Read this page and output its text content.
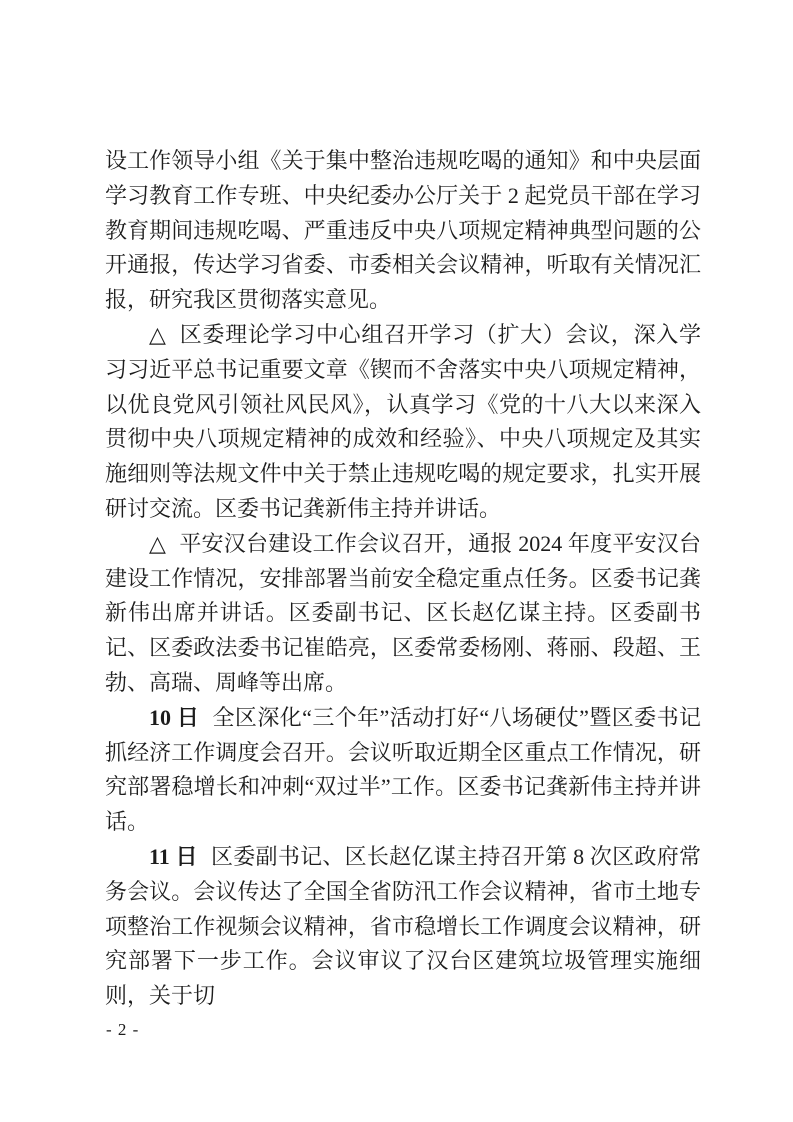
设工作领导小组《关于集中整治违规吃喝的通知》和中央层面学习教育工作专班、中央纪委办公厅关于 2 起党员干部在学习教育期间违规吃喝、严重违反中央八项规定精神典型问题的公开通报，传达学习省委、市委相关会议精神，听取有关情况汇报，研究我区贯彻落实意见。

△ 区委理论学习中心组召开学习（扩大）会议，深入学习习近平总书记重要文章《锲而不舍落实中央八项规定精神，以优良党风引领社风民风》，认真学习《党的十八大以来深入贯彻中央八项规定精神的成效和经验》、中央八项规定及其实施细则等法规文件中关于禁止违规吃喝的规定要求，扎实开展研讨交流。区委书记龚新伟主持并讲话。

△ 平安汉台建设工作会议召开，通报 2024 年度平安汉台建设工作情况，安排部署当前安全稳定重点任务。区委书记龚新伟出席并讲话。区委副书记、区长赵亿谋主持。区委副书记、区委政法委书记崔皓亮，区委常委杨刚、蒋丽、段超、王勃、高瑞、周峰等出席。

10 日 全区深化“三个年”活动打好“八场硬仗”暨区委书记抓经济工作调度会召开。会议听取近期全区重点工作情况，研究部署稳增长和冲刺“双过半”工作。区委书记龚新伟主持并讲话。

11 日 区委副书记、区长赵亿谋主持召开第 8 次区政府常务会议。会议传达了全国全省防汛工作会议精神，省市土地专项整治工作视频会议精神，省市稳增长工作调度会议精神，研究部署下一步工作。会议审议了汉台区建筑垃圾管理实施细则，关于切

- 2 -
